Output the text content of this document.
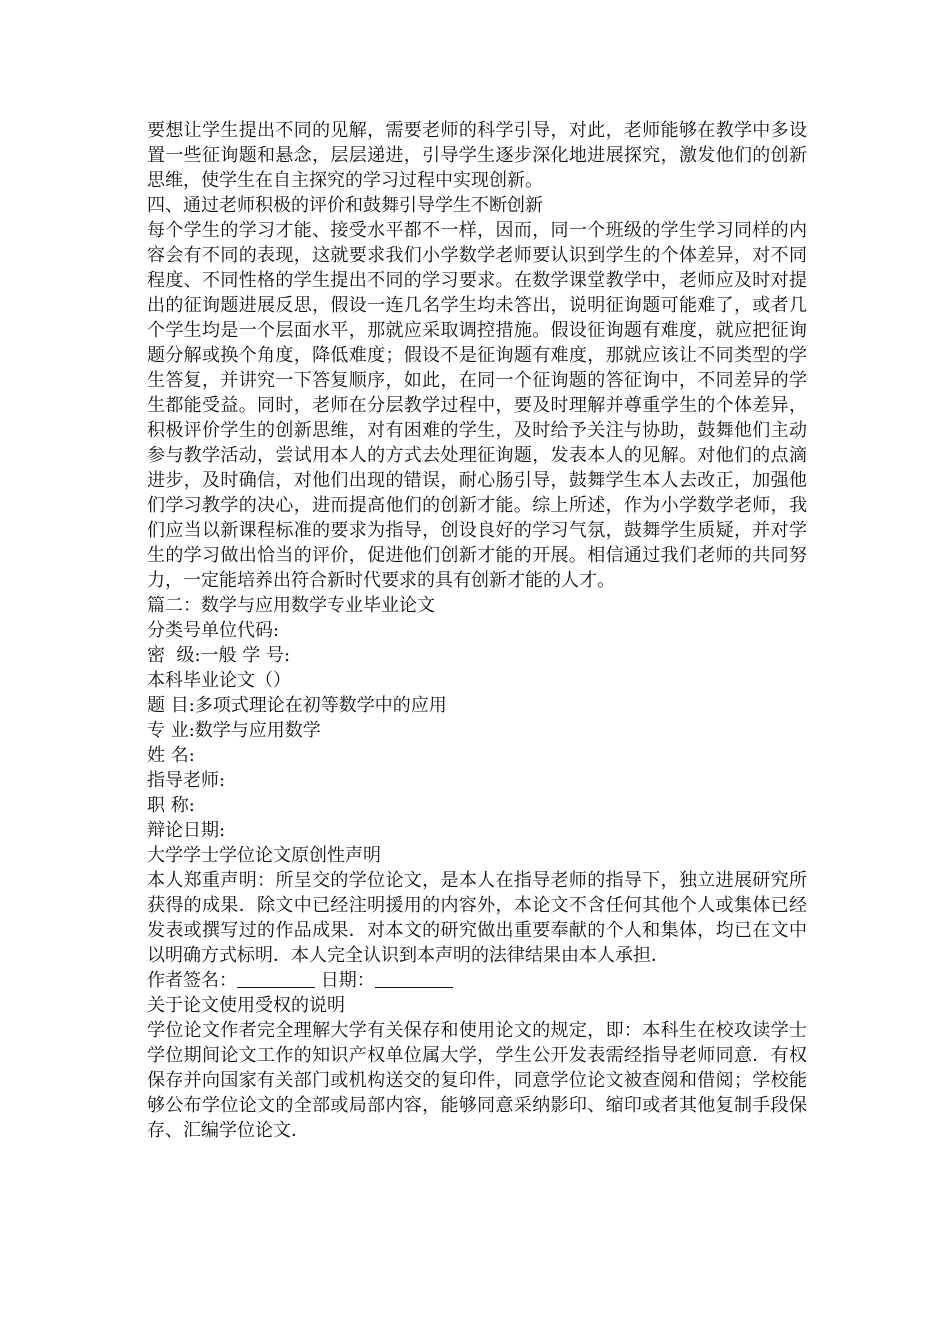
要想让学生提出不同的见解，需要老师的科学引导，对此，老师能够在教学中多设置一些征询题和悬念，层层递进，引导学生逐步深化地进展探究，激发他们的创新思维，使学生在自主探究的学习过程中实现创新。

四、通过老师积极的评价和鼓舞引导学生不断创新

每个学生的学习才能、接受水平都不一样，因而，同一个班级的学生学习同样的内容会有不同的表现，这就要求我们小学数学老师要认识到学生的个体差异，对不同程度、不同性格的学生提出不同的学习要求。在数学课堂教学中，老师应及时对提出的征询题进展反思，假设一连几名学生均未答出，说明征询题可能难了，或者几个学生均是一个层面水平，那就应采取调控措施。假设征询题有难度，就应把征询题分解或换个角度，降低难度；假设不是征询题有难度，那就应该让不同类型的学生答复，并讲究一下答复顺序，如此，在同一个征询题的答征询中，不同差异的学生都能受益。同时，老师在分层教学过程中，要及时理解并尊重学生的个体差异，积极评价学生的创新思维，对有困难的学生，及时给予关注与协助，鼓舞他们主动参与教学活动，尝试用本人的方式去处理征询题，发表本人的见解。对他们的点滴进步，及时确信，对他们出现的错误，耐心肠引导，鼓舞学生本人去改正，加强他们学习教学的决心，进而提高他们的创新才能。综上所述，作为小学数学老师，我们应当以新课程标准的要求为指导，创设良好的学习气氛，鼓舞学生质疑，并对学生的学习做出恰当的评价，促进他们创新才能的开展。相信通过我们老师的共同努力，一定能培养出符合新时代要求的具有创新才能的人才。

篇二：数学与应用数学专业毕业论文

分类号单位代码:

密  级:一般 学 号:

本科毕业论文（）

题 目:多项式理论在初等数学中的应用

专 业:数学与应用数学

姓 名:

指导老师:

职 称:

辩论日期:

大学学士学位论文原创性声明

本人郑重声明：所呈交的学位论文，是本人在指导老师的指导下，独立进展研究所获得的成果．除文中已经注明援用的内容外，本论文不含任何其他个人或集体已经发表或撰写过的作品成果．对本文的研究做出重要奉献的个人和集体，均已在文中以明确方式标明．本人完全认识到本声明的法律结果由本人承担．

作者签名：	日期：

关于论文使用受权的说明

学位论文作者完全理解大学有关保存和使用论文的规定，即：本科生在校攻读学士学位期间论文工作的知识产权单位属大学，学生公开发表需经指导老师同意．有权保存并向国家有关部门或机构送交的复印件，同意学位论文被查阅和借阅；学校能够公布学位论文的全部或局部内容，能够同意采纳影印、缩印或者其他复制手段保存、汇编学位论文．
